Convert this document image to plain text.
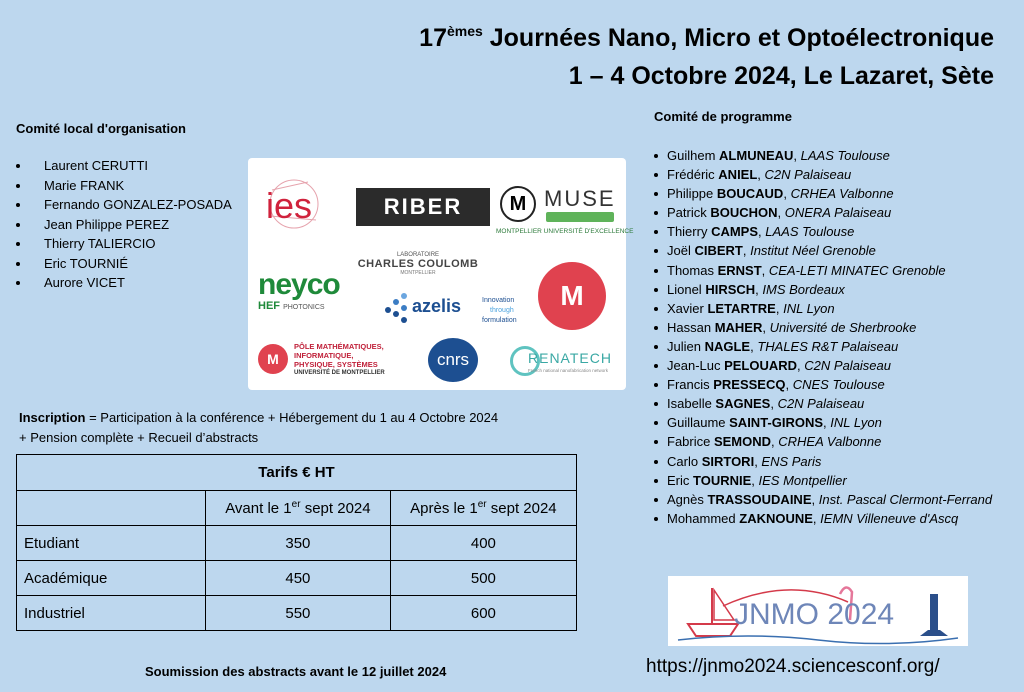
17èmes Journées Nano, Micro et Optoélectronique
1 – 4 Octobre 2024, Le Lazaret, Sète
Comité local d'organisation
Laurent CERUTTI
Marie FRANK
Fernando GONZALEZ-POSADA
Jean Philippe PEREZ
Thierry TALIERCIO
Eric TOURNIÉ
Aurore VICET
Comité de programme
Guilhem ALMUNEAU, LAAS Toulouse
Frédéric ANIEL, C2N Palaiseau
Philippe BOUCAUD, CRHEA Valbonne
Patrick BOUCHON, ONERA Palaiseau
Thierry CAMPS, LAAS Toulouse
Joël CIBERT, Institut Néel Grenoble
Thomas ERNST, CEA-LETI MINATEC Grenoble
Lionel HIRSCH, IMS Bordeaux
Xavier LETARTRE, INL Lyon
Hassan MAHER, Université de Sherbrooke
Julien NAGLE, THALES R&T Palaiseau
Jean-Luc PELOUARD, C2N Palaiseau
Francis PRESSECQ, CNES Toulouse
Isabelle SAGNES, C2N Palaiseau
Guillaume SAINT-GIRONS, INL Lyon
Fabrice SEMOND, CRHEA Valbonne
Carlo SIRTORI, ENS Paris
Eric TOURNIE, IES Montpellier
Agnès TRASSOUDAINE, Inst. Pascal Clermont-Ferrand
Mohammed ZAKNOUNE, IEMN Villeneuve d'Ascq
ies	RIBER	M MUSE
MONTPELLIER UNIVERSITÉ D'EXCELLENCE
LABORATOIRE
CHARLES COULOMB
MONTPELLIER
neyco
HEF PHOTONICS	azelis	Innovation
through
formulation
M
M
PÔLE MATHÉMATIQUES,
INFORMATIQUE,
PHYSIQUE, SYSTÈMES
UNIVERSITÉ DE MONTPELLIER
cnrs	RENATECH
French national nanofabrication network
Inscription = Participation à la conférence + Hébergement du 1 au 4 Octobre 2024
+ Pension complète + Recueil d’abstracts
Tarifs € HT		
	Avant le 1er sept 2024	Après le 1er sept 2024
Etudiant	350	400
Académique	450	500
Industriel	550	600	JNMO 2024
Soumission des abstracts avant le 12 juillet 2024	https://jnmo2024.sciencesconf.org/
